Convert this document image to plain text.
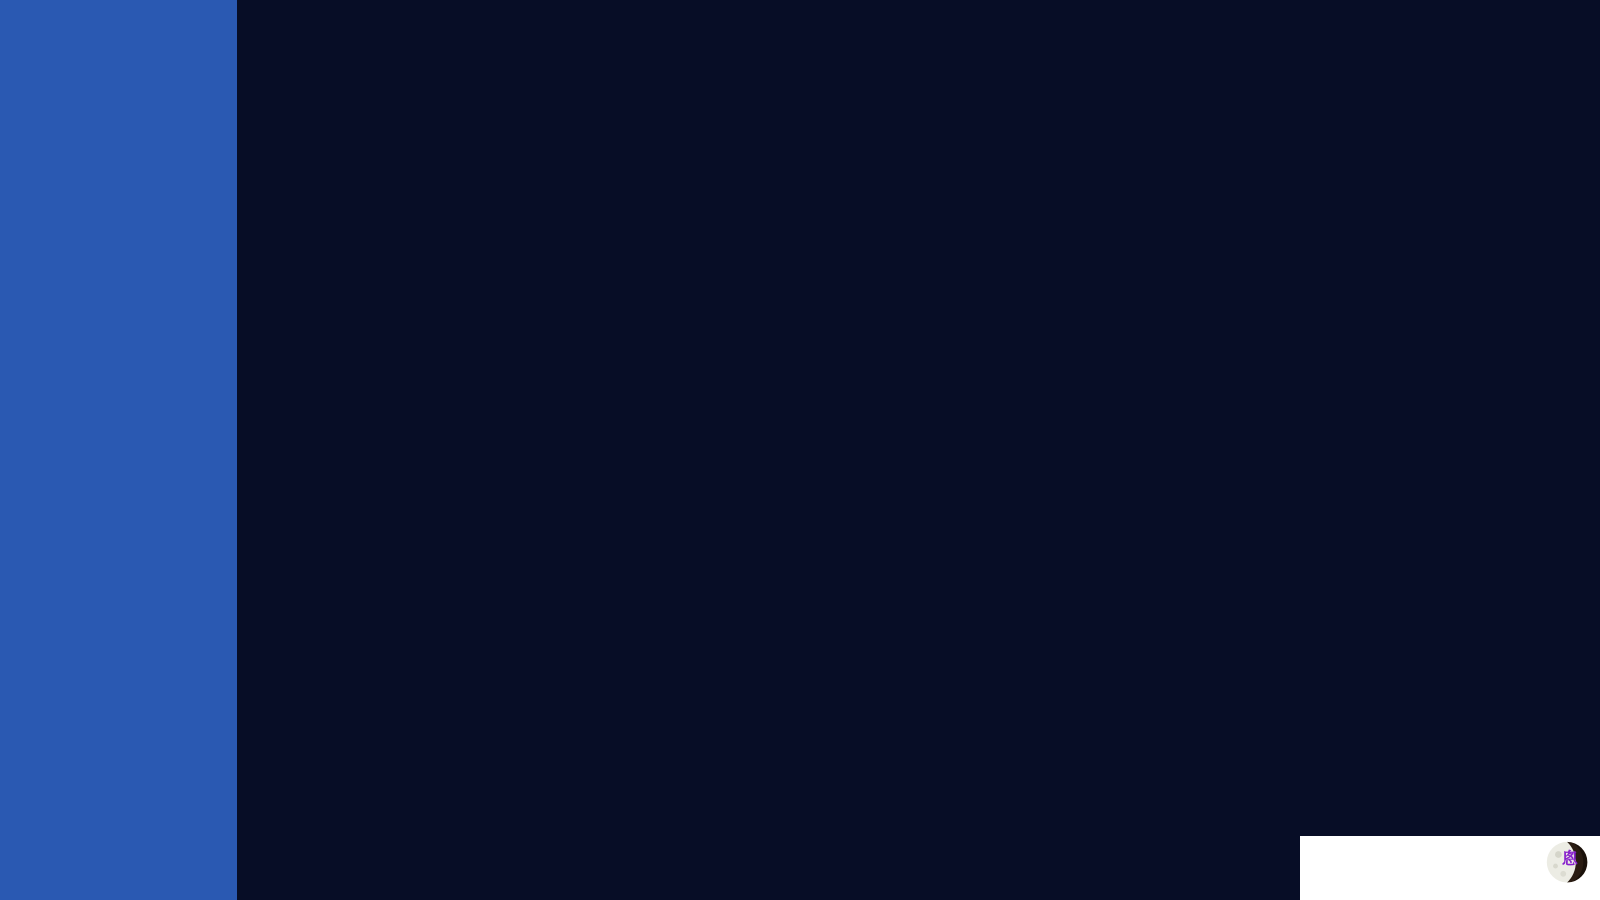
悤
